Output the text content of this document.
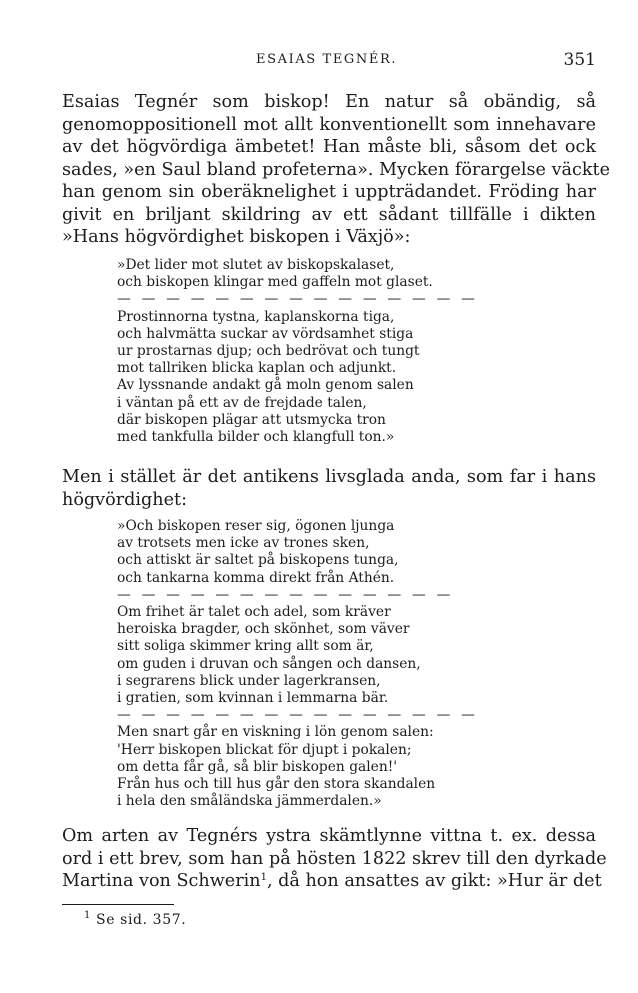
ESAIAS TEGNÉR.	351
Esaias Tegnér som biskop! En natur så obändig, så
genomoppositionell mot allt konventionellt som innehavare
av det högvördiga ämbetet! Han måste bli, såsom det ock
sades, »en Saul bland profeterna». Mycken förargelse väckte
han genom sin oberäknelighet i uppträdandet. Fröding har
givit en briljant skildring av ett sådant tillfälle i dikten
»Hans högvördighet biskopen i Växjö»:
»Det lider mot slutet av biskopskalaset,
och biskopen klingar med gaffeln mot glaset.
— — — — — — — — — — — — — — —
Prostinnorna tystna, kaplanskorna tiga,
och halvmätta suckar av vördsamhet stiga
ur prostarnas djup; och bedrövat och tungt
mot tallriken blicka kaplan och adjunkt.
Av lyssnande andakt gå moln genom salen
i väntan på ett av de frejdade talen,
där biskopen plägar att utsmycka tron
med tankfulla bilder och klangfull ton.»
Men i stället är det antikens livsglada anda, som far i hans
högvördighet:
»Och biskopen reser sig, ögonen ljunga
av trotsets men icke av trones sken,
och attiskt är saltet på biskopens tunga,
och tankarna komma direkt från Athén.
— — — — — — — — — — — — — —
Om frihet är talet och adel, som kräver
heroiska bragder, och skönhet, som väver
sitt soliga skimmer kring allt som är,
om guden i druvan och sången och dansen,
i segrarens blick under lagerkransen,
i gratien, som kvinnan i lemmarna bär.
— — — — — — — — — — — — — — —
Men snart går en viskning i lön genom salen:
'Herr biskopen blickat för djupt i pokalen;
om detta får gå, så blir biskopen galen!'
Från hus och till hus går den stora skandalen
i hela den småländska jämmerdalen.»
Om arten av Tegnérs ystra skämtlynne vittna t. ex. dessa
ord i ett brev, som han på hösten 1822 skrev till den dyrkade
Martina von Schwerin$^1$, då hon ansattes av gikt: »Hur är det
$^1$ Se sid. 357.
